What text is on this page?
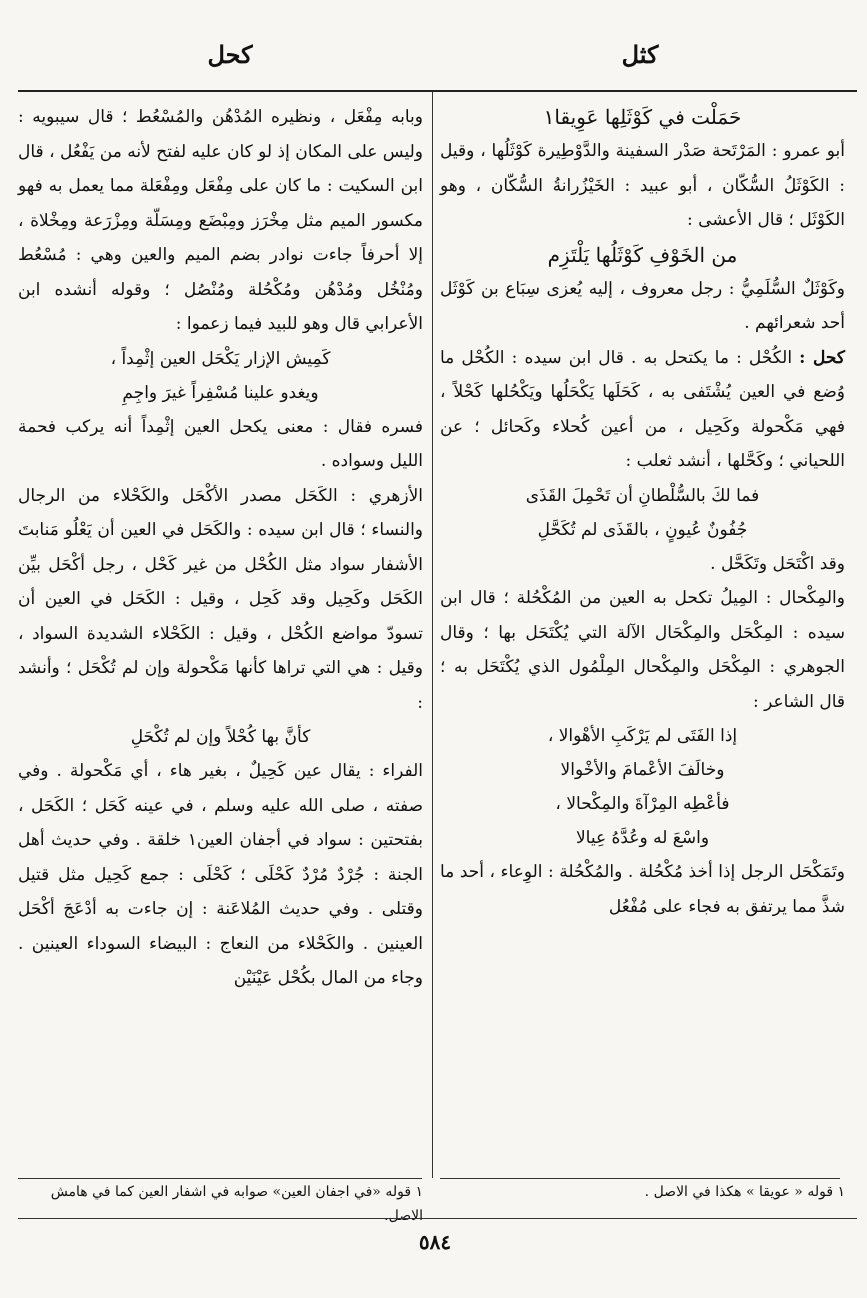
كثل
كحل

حَمَلْت في كَوْثَلِها عَوِيقا١

أبو عمرو : المَرْتَحة صَدْر السفينة والدَّوْطِيرة كَوْثَلُها ، وقيل : الكَوْثَلُ السُّكّان ، أبو عبيد : الخَيْزُرانةُ السُّكّان ، وهو الكَوْثَل ؛ قال الأعشى :

من الخَوْفِ كَوْثَلُها يَلْتَزِم

وكَوْثَلٌ السُّلَمِيُّ : رجل معروف ، إليه يُعزى سِبَاع بن كَوْثَل أحد شعرائهم .

كحل : الكُحْل : ما يكتحل به . قال ابن سيده : الكُحْل ما وُضع في العين يُشْتَفى به ، كَحَلَها يَكْحَلُها ويَكْحُلها كَحْلاً ، فهي مَكْحولة وكَحِيل ، من أعين كُحلاء وكَحائل ؛ عن اللحياني ؛ وكَحَّلها ، أنشد ثعلب :

فما لكَ بالسُّلْطانِ أن تَحْمِلَ القَذَى

جُفُونٌ عُيونٍ ، بالقَذَى لم تُكَحَّلِ

وقد اكْتَحَل وتَكَحَّل .

والمِكْحال : المِيلُ تكحل به العين من المُكْحُلة ؛ قال ابن سيده : المِكْحَل والمِكْحَال الآلة التي يُكْتَحَل بها ؛ وقال الجوهري : المِكْحَل والمِكْحال المِلْمُول الذي يُكْتَحَل به ؛ قال الشاعر :

إذا الفَتَى لم يَرْكَبِ الأهْوالا ،

وخالَفَ الأعْمامَ والأخْوالا

فأعْطِه المِرْآةَ والمِكْحالا ،

واسْعَ له وعُدَّهُ عِيالا

وتَمَكْحَل الرجل إذا أخذ مُكْحُلة . والمُكْحُلة : الوِعاء ، أحد ما شذَّ مما يرتفق به فجاء على مُفْعُل

وبابه مِفْعَل ، ونظيره المُدْهُن والمُسْعُط ؛ قال سيبويه : وليس على المكان إذ لو كان عليه لفتح لأنه من يَفْعُل ، قال ابن السكيت : ما كان على مِفْعَل ومِفْعَلة مما يعمل به فهو مكسور الميم مثل مِخْرَز ومِبْضَع ومِسَلّة ومِزْرَعة ومِخْلاة ، إلا أحرفاً جاءت نوادر بضم الميم والعين وهي : مُسْعُط ومُنْخُل ومُدْهُن ومُكْحُلة ومُنْصُل ؛ وقوله أنشده ابن الأعرابي قال وهو للبيد فيما زعموا :

كَمِيش الإزار يَكْحَل العين إثْمِداً ،

ويغدو علينا مُسْفِراً غيرَ واجِمِ

فسره فقال : معنى يكحل العين إثْمِداً أنه يركب فحمة الليل وسواده .

الأزهري : الكَحَل مصدر الأكْحَل والكَحْلاء من الرجال والنساء ؛ قال ابن سيده : والكَحَل في العين أن يَعْلُو مَنابتَ الأشفار سواد مثل الكُحْل من غير كَحْل ، رجل أكْحَل بيِّن الكَحَل وكَحِيل وقد كَحِل ، وقيل : الكَحَل في العين أن تسودّ مواضع الكُحْل ، وقيل : الكَحْلاء الشديدة السواد ، وقيل : هي التي تراها كأنها مَكْحولة وإن لم تُكْحَل ؛ وأنشد :

كأنَّ بها كُحْلاً وإن لم تُكْحَلِ

الفراء : يقال عين كَحِيلٌ ، بغير هاء ، أي مَكْحولة . وفي صفته ، صلى الله عليه وسلم ، في عينه كَحَل ؛ الكَحَل ، بفتحتين : سواد في أجفان العين١ خلقة . وفي حديث أهل الجنة : جُرْدٌ مُرْدٌ كَحْلَى ؛ كَحْلَى : جمع كَحِيل مثل قتيل وقتلى . وفي حديث المُلاعَنة : إن جاءت به أدْعَجَ أكْحَل العينين . والكَحْلاء من النعاج : البيضاء السوداء العينين . وجاء من المال بكُحْل عَيْنَيْن

١ قوله « عويقا » هكذا في الاصل .
١ قوله «في اجفان العين» صوابه في اشفار العين كما في هامش الاصل.
٥٨٤
